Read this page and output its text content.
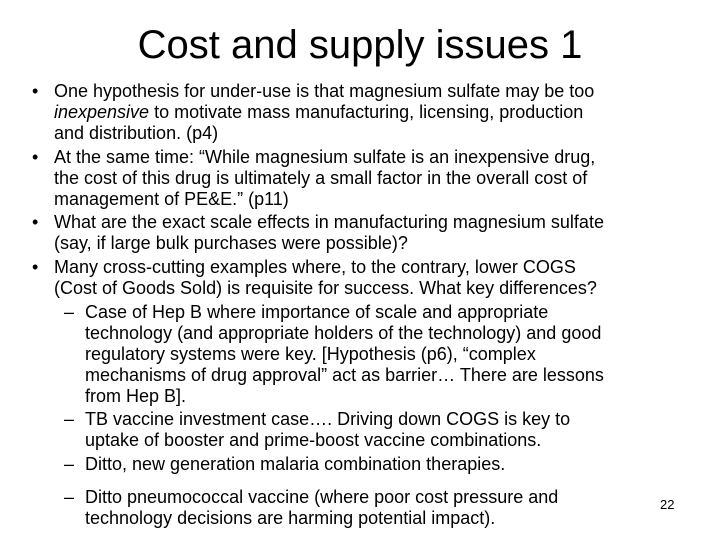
Cost and supply issues 1
• One hypothesis for under-use is that magnesium sulfate may be too
inexpensive to motivate mass manufacturing, licensing, production
and distribution. (p4)
• At the same time: “While magnesium sulfate is an inexpensive drug,
the cost of this drug is ultimately a small factor in the overall cost of
management of PE&E.” (p11)
• What are the exact scale effects in manufacturing magnesium sulfate
(say, if large bulk purchases were possible)?
• Many cross-cutting examples where, to the contrary, lower COGS
(Cost of Goods Sold) is requisite for success. What key differences?
– Case of Hep B where importance of scale and appropriate
technology (and appropriate holders of the technology) and good
regulatory systems were key. [Hypothesis (p6), “complex
mechanisms of drug approval” act as barrier… There are lessons
from Hep B].
– TB vaccine investment case…. Driving down COGS is key to
uptake of booster and prime-boost vaccine combinations.
– Ditto, new generation malaria combination therapies.
– Ditto pneumococcal vaccine (where poor cost pressure and
technology decisions are harming potential impact).
22
